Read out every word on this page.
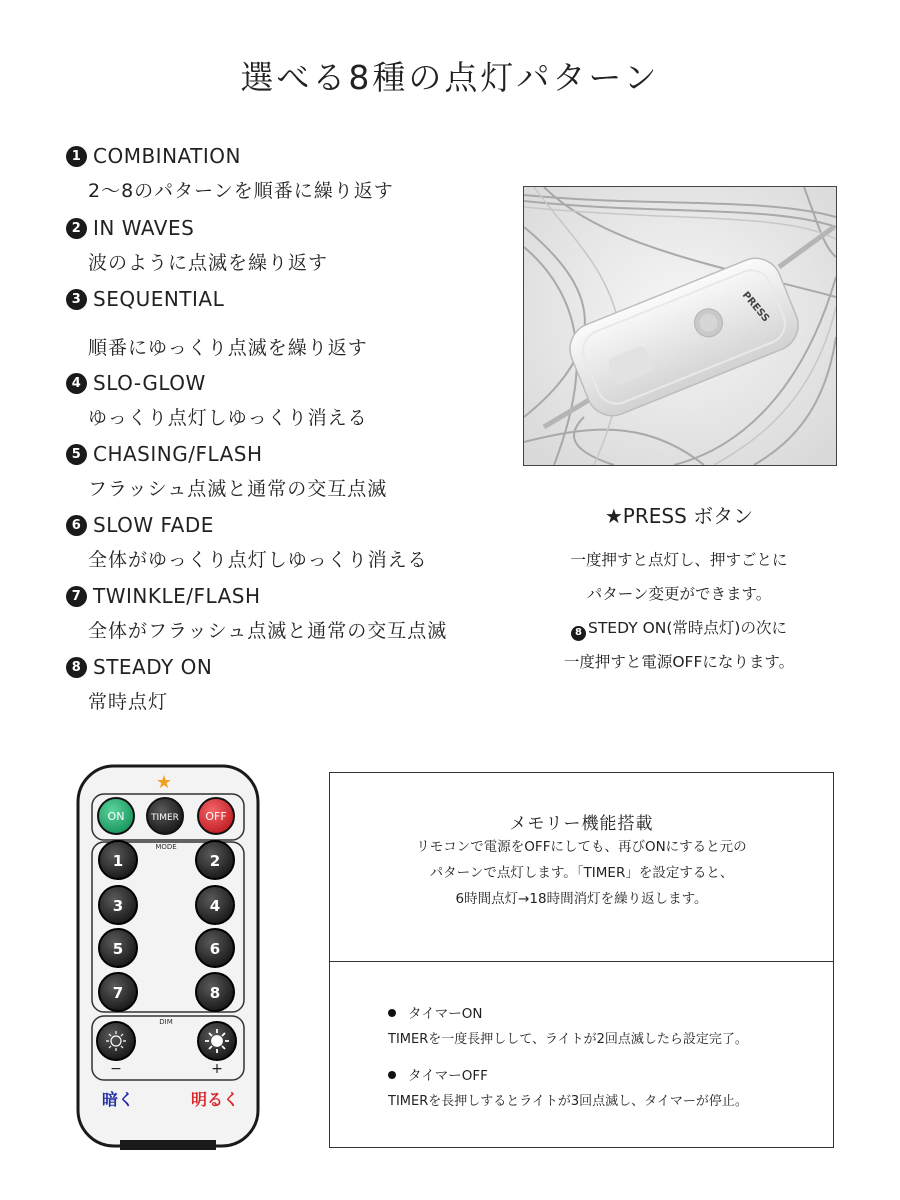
選べる8種の点灯パターン
1 COMBINATION
2〜8のパターンを順番に繰り返す
2 IN WAVES
波のように点滅を繰り返す
3 SEQUENTIAL
順番にゆっくり点滅を繰り返す
4 SLO-GLOW
ゆっくり点灯しゆっくり消える
5 CHASING/FLASH
フラッシュ点滅と通常の交互点滅
6 SLOW FADE
全体がゆっくり点灯しゆっくり消える
7 TWINKLE/FLASH
全体がフラッシュ点滅と通常の交互点滅
8 STEADY ON
常時点灯
PRESS
★PRESS ボタン
一度押すと点灯し、押すごとに
パターン変更ができます。
8 STEDY ON(常時点灯)の次に
一度押すと電源OFFになります。
★
ON	TIMER OFF
MODE
1	2
3	4
5	6
7	8
DIM
−	+
暗く	明るく
メモリー機能搭載
リモコンで電源をOFFにしても、再びONにすると元の
パターンで点灯します。「TIMER」を設定すると、
6時間点灯→18時間消灯を繰り返します。
タイマーON
TIMERを一度長押しして、ライトが2回点滅したら設定完了。
タイマーOFF
TIMERを長押しするとライトが3回点滅し、タイマーが停止。
